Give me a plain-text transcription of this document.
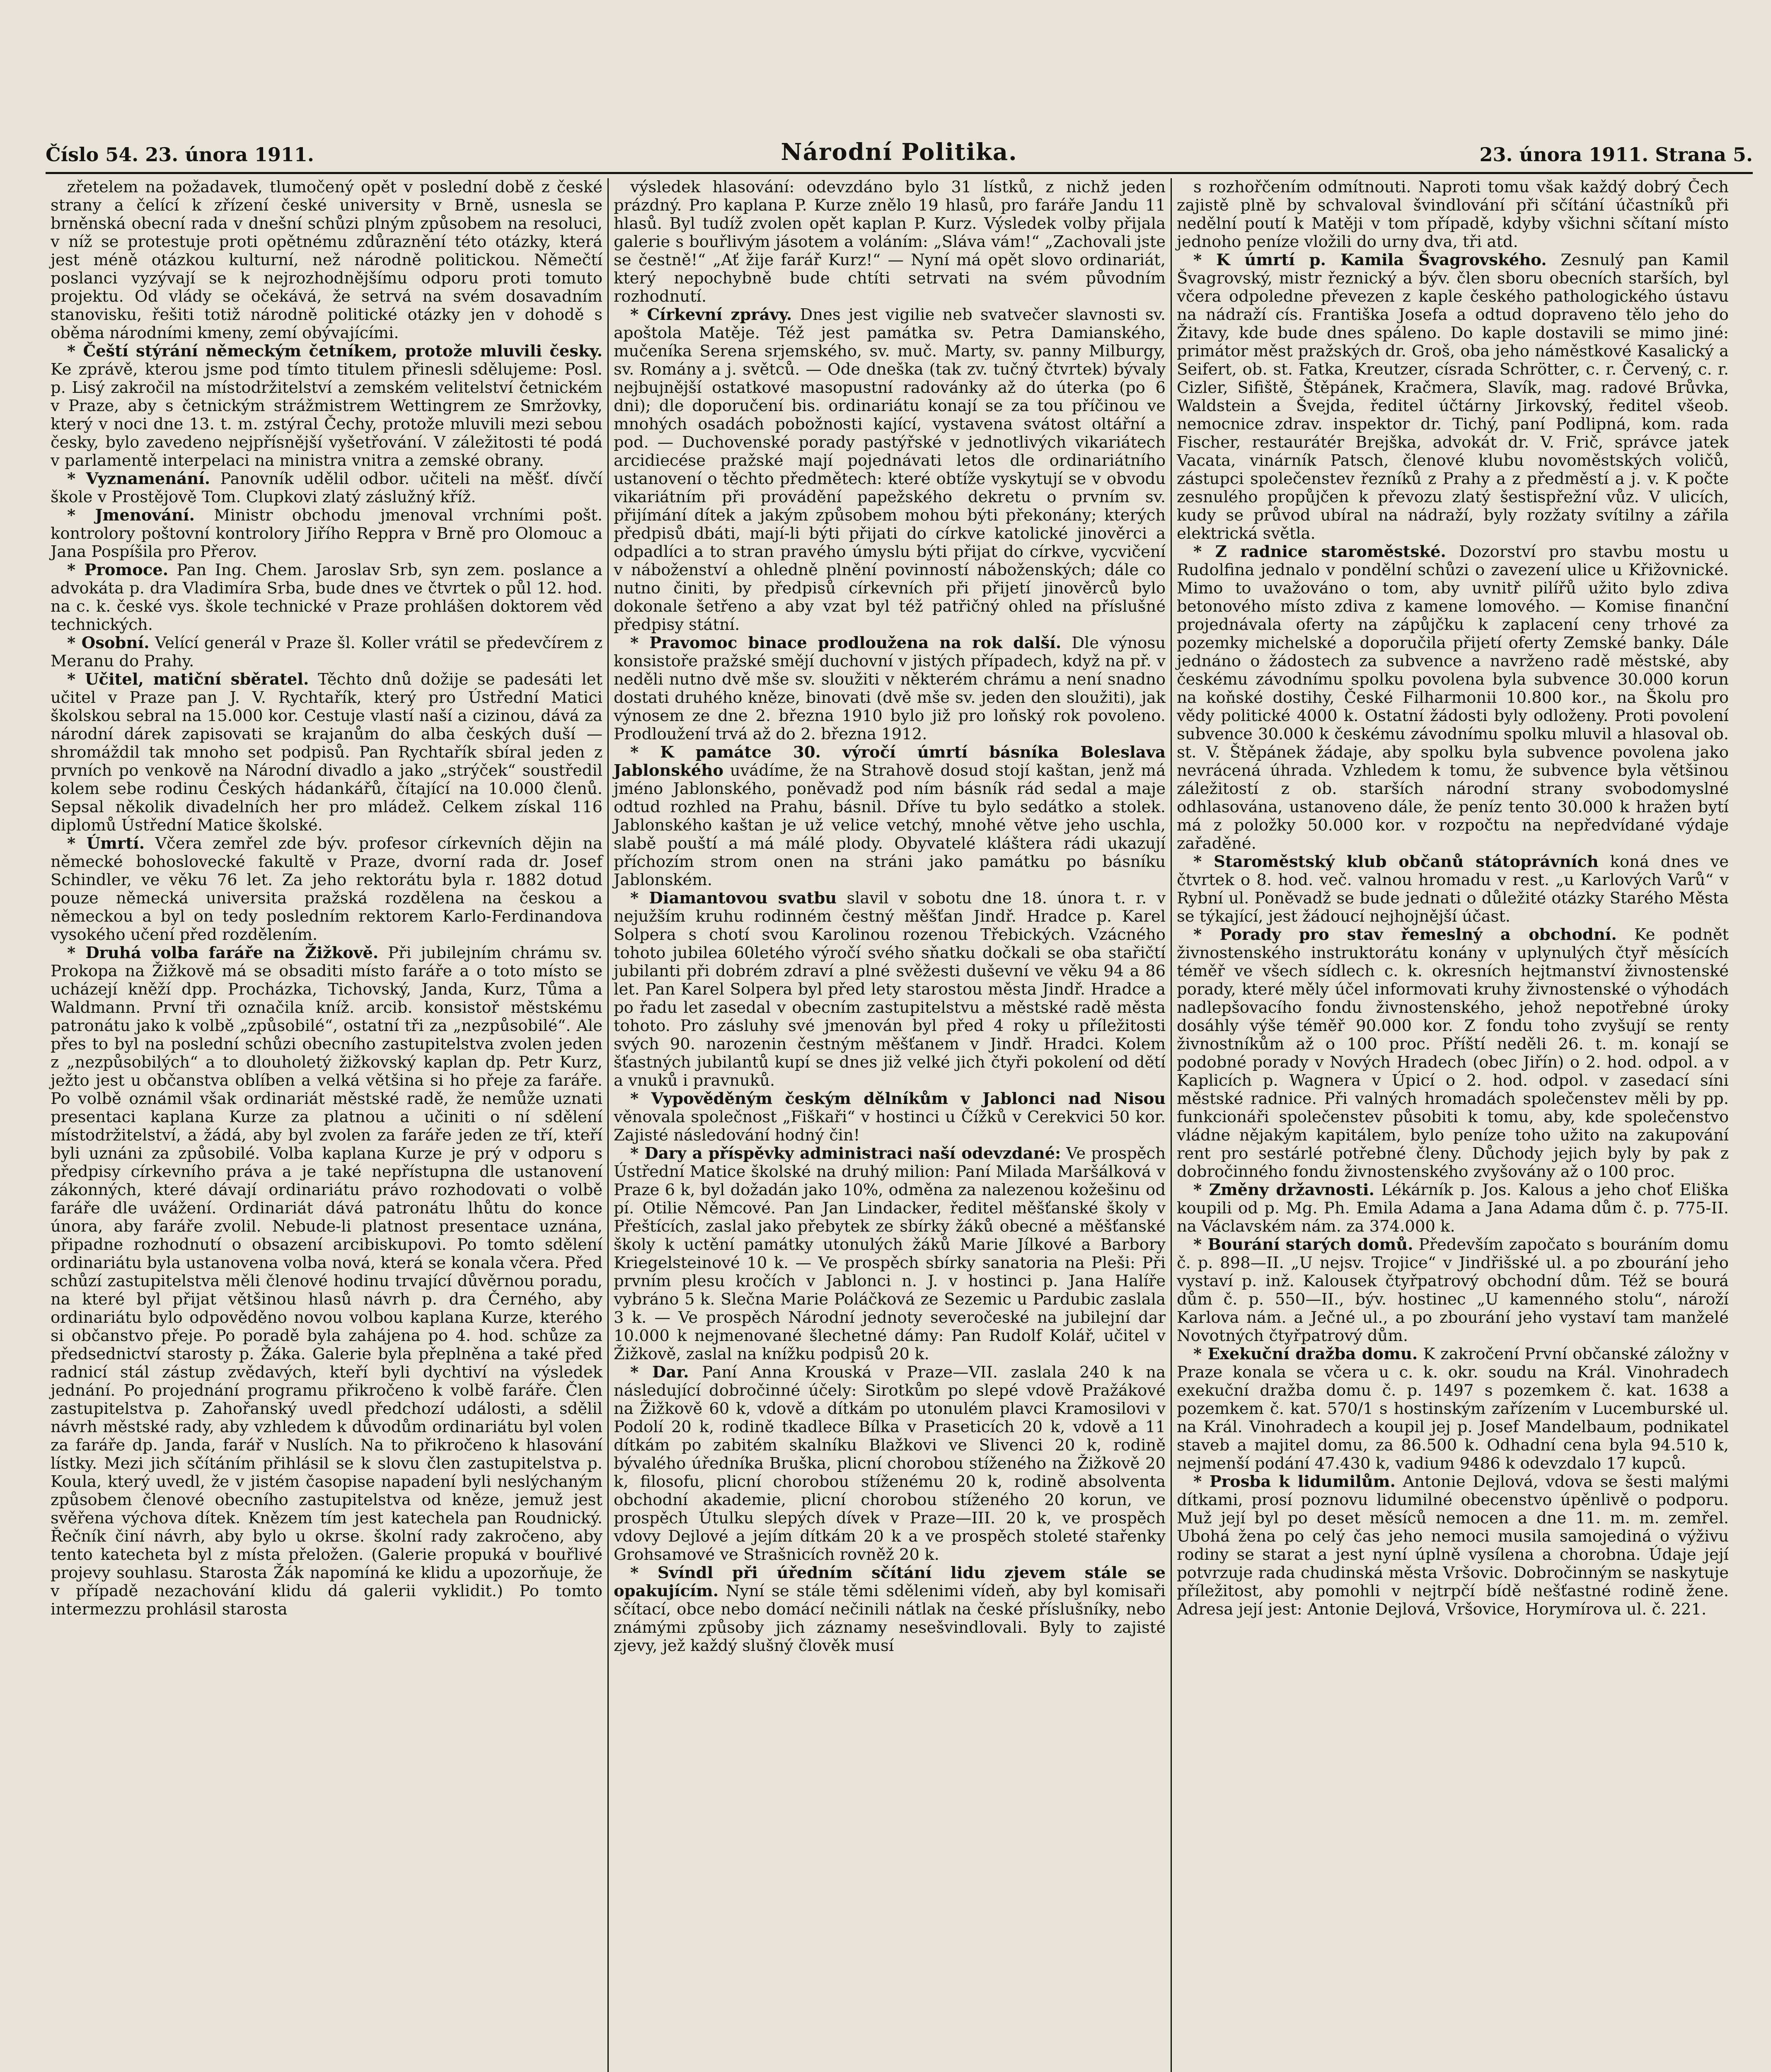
Číslo 54. 23. února 1911.	Národní Politika.	23. února 1911. Strana 5.

zřetelem na požadavek, tlumočený opět v poslední době z české strany a čelící k zřízení české university v Brně, usnesla se brněnská obecní rada v dnešní schůzi plným způsobem na resoluci, v níž se protestuje proti opětnému zdůraznění této otázky, která jest méně otázkou kulturní, než národně politickou. Němečtí poslanci vyzývají se k nejrozhodnějšímu odporu proti tomuto projektu. Od vlády se očekává, že setrvá na svém dosavadním stanovisku, řešiti totiž národně politické otázky jen v dohodě s oběma národními kmeny, zemí obývajícími.

* Čeští stýrání německým četníkem, protože mluvili česky. Ke zprávě, kterou jsme pod tímto titulem přinesli sdělujeme: Posl. p. Lisý zakročil na místodržitelství a zemském velitelství četnickém v Praze, aby s četnickým strážmistrem Wettingrem ze Smržovky, který v noci dne 13. t. m. zstýral Čechy, protože mluvili mezi sebou česky, bylo zavedeno nejpřísnější vyšetřování. V záležitosti té podá v parlamentě interpelaci na ministra vnitra a zemské obrany.

* Vyznamenání. Panovník udělil odbor. učiteli na měšť. dívčí škole v Prostějově Tom. Clupkovi zlatý záslužný kříž.

* Jmenování. Ministr obchodu jmenoval vrchními pošt. kontrolory poštovní kontrolory Jiřího Reppra v Brně pro Olomouc a Jana Pospíšila pro Přerov.

* Promoce. Pan Ing. Chem. Jaroslav Srb, syn zem. poslance a advokáta p. dra Vladimíra Srba, bude dnes ve čtvrtek o půl 12. hod. na c. k. české vys. škole technické v Praze prohlášen doktorem věd technických.

* Osobní. Velící generál v Praze šl. Koller vrátil se předevčírem z Meranu do Prahy.

* Učitel, matiční sběratel. Těchto dnů dožije se padesáti let učitel v Praze pan J. V. Rychtařík, který pro Ústřední Matici školskou sebral na 15.000 kor. Cestuje vlastí naší a cizinou, dává za národní dárek zapisovati se krajanům do alba českých duší — shromáždil tak mnoho set podpisů. Pan Rychtařík sbíral jeden z prvních po venkově na Národní divadlo a jako „strýček“ soustředil kolem sebe rodinu Českých hádankářů, čítající na 10.000 členů. Sepsal několik divadelních her pro mládež. Celkem získal 116 diplomů Ústřední Matice školské.

* Úmrtí. Včera zemřel zde býv. profesor církevních dějin na německé bohoslovecké fakultě v Praze, dvorní rada dr. Josef Schindler, ve věku 76 let. Za jeho rektorátu byla r. 1882 dotud pouze německá universita pražská rozdělena na českou a německou a byl on tedy posledním rektorem Karlo-Ferdinandova vysokého učení před rozdělením.

* Druhá volba faráře na Žižkově. Při jubilejním chrámu sv. Prokopa na Žižkově má se obsaditi místo faráře a o toto místo se ucházejí kněží dpp. Procházka, Tichovský, Janda, Kurz, Tůma a Waldmann. První tři označila kníž. arcib. konsistoř městskému patronátu jako k volbě „způsobilé“, ostatní tři za „nezpůsobilé“. Ale přes to byl na poslední schůzi obecního zastupitelstva zvolen jeden z „nezpůsobilých“ a to dlouholetý žižkovský kaplan dp. Petr Kurz, ježto jest u občanstva oblíben a velká většina si ho přeje za faráře. Po volbě oznámil však ordinariát městské radě, že nemůže uznati presentaci kaplana Kurze za platnou a učiniti o ní sdělení místodržitelství, a žádá, aby byl zvolen za faráře jeden ze tří, kteří byli uznáni za způsobilé. Volba kaplana Kurze je prý v odporu s předpisy církevního práva a je také nepřístupna dle ustanovení zákonných, které dávají ordinariátu právo rozhodovati o volbě faráře dle uvážení. Ordinariát dává patronátu lhůtu do konce února, aby faráře zvolil. Nebude-li platnost presentace uznána, připadne rozhodnutí o obsazení arcibiskupovi. Po tomto sdělení ordinariátu byla ustanovena volba nová, která se konala včera. Před schůzí zastupitelstva měli členové hodinu trvající důvěrnou poradu, na které byl přijat většinou hlasů návrh p. dra Černého, aby ordinariátu bylo odpověděno novou volbou kaplana Kurze, kterého si občanstvo přeje. Po poradě byla zahájena po 4. hod. schůze za předsednictví starosty p. Žáka. Galerie byla přeplněna a také před radnicí stál zástup zvědavých, kteří byli dychtiví na výsledek jednání. Po projednání programu přikročeno k volbě faráře. Člen zastupitelstva p. Zahořanský uvedl předchozí události, a sdělil návrh městské rady, aby vzhledem k důvodům ordinariátu byl volen za faráře dp. Janda, farář v Nuslích. Na to přikročeno k hlasování lístky. Mezi jich sčítáním přihlásil se k slovu člen zastupitelstva p. Koula, který uvedl, že v jistém časopise napadení byli neslýchaným způsobem členové obecního zastupitelstva od kněze, jemuž jest svěřena výchova dítek. Knězem tím jest katechela pan Roudnický. Řečník činí návrh, aby bylo u okrse. školní rady zakročeno, aby tento katecheta byl z místa přeložen. (Galerie propuká v bouřlivé projevy souhlasu. Starosta Žák napomíná ke klidu a upozorňuje, že v případě nezachování klidu dá galerii vyklidit.) Po tomto intermezzu prohlásil starosta

výsledek hlasování: odevzdáno bylo 31 lístků, z nichž jeden prázdný. Pro kaplana P. Kurze znělo 19 hlasů, pro faráře Jandu 11 hlasů. Byl tudíž zvolen opět kaplan P. Kurz. Výsledek volby přijala galerie s bouřlivým jásotem a voláním: „Sláva vám!“ „Zachovali jste se čestně!“ „Ať žije farář Kurz!“ — Nyní má opět slovo ordinariát, který nepochybně bude chtíti setrvati na svém původním rozhodnutí.

* Církevní zprávy. Dnes jest vigilie neb svatvečer slavnosti sv. apoštola Matěje. Též jest památka sv. Petra Damianského, mučeníka Serena srjemského, sv. muč. Marty, sv. panny Milburgy, sv. Romány a j. světců. — Ode dneška (tak zv. tučný čtvrtek) bývaly nejbujnější ostatkové masopustní radovánky až do úterka (po 6 dni); dle doporučení bis. ordinariátu konají se za tou příčinou ve mnohých osadách pobožnosti kající, vystavena svátost oltářní a pod. — Duchovenské porady pastýřské v jednotlivých vikariátech arcidiecése pražské mají pojednávati letos dle ordinariátního ustanovení o těchto předmětech: které obtíže vyskytují se v obvodu vikariátním při provádění papežského dekretu o prvním sv. přijímání dítek a jakým způsobem mohou býti překonány; kterých předpisů dbáti, mají-li býti přijati do církve katolické jinověrci a odpadlíci a to stran pravého úmyslu býti přijat do církve, vycvičení v náboženství a ohledně plnění povinností náboženských; dále co nutno činiti, by předpisů církevních při přijetí jinověrců bylo dokonale šetřeno a aby vzat byl též patřičný ohled na příslušné předpisy státní.

* Pravomoc binace prodloužena na rok další. Dle výnosu konsistoře pražské smějí duchovní v jistých případech, když na př. v neděli nutno dvě mše sv. sloužiti v některém chrámu a není snadno dostati druhého kněze, binovati (dvě mše sv. jeden den sloužiti), jak výnosem ze dne 2. března 1910 bylo již pro loňský rok povoleno. Prodloužení trvá až do 2. března 1912.

* K památce 30. výročí úmrtí básníka Boleslava Jablonského uvádíme, že na Strahově dosud stojí kaštan, jenž má jméno Jablonského, poněvadž pod ním básník rád sedal a maje odtud rozhled na Prahu, básnil. Dříve tu bylo sedátko a stolek. Jablonského kaštan je už velice vetchý, mnohé větve jeho uschla, slabě pouští a má málé plody. Obyvatelé kláštera rádi ukazují příchozím strom onen na stráni jako památku po básníku Jablonském.

* Diamantovou svatbu slavil v sobotu dne 18. února t. r. v nejužším kruhu rodinném čestný měšťan Jindř. Hradce p. Karel Solpera s chotí svou Karolinou rozenou Třebických. Vzácného tohoto jubilea 60letého výročí svého sňatku dočkali se oba stařičtí jubilanti při dobrém zdraví a plné svěžesti duševní ve věku 94 a 86 let. Pan Karel Solpera byl před lety starostou města Jindř. Hradce a po řadu let zasedal v obecním zastupitelstvu a městské radě města tohoto. Pro zásluhy své jmenován byl před 4 roky u příležitosti svých 90. narozenin čestným měšťanem v Jindř. Hradci. Kolem šťastných jubilantů kupí se dnes již velké jich čtyři pokolení od dětí a vnuků i pravnuků.

* Vypověděným českým dělníkům v Jablonci nad Nisou věnovala společnost „Fiškaři“ v hostinci u Čížků v Cerekvici 50 kor. Zajisté následování hodný čin!

* Dary a příspěvky administraci naší odevzdané: Ve prospěch Ústřední Matice školské na druhý milion: Paní Milada Maršálková v Praze 6 k, byl dožadán jako 10%, odměna za nalezenou kožešinu od pí. Otilie Němcové. Pan Jan Lindacker, ředitel měšťanské školy v Přeštících, zaslal jako přebytek ze sbírky žáků obecné a měšťanské školy k uctění památky utonulých žáků Marie Jílkové a Barbory Kriegelsteinové 10 k. — Ve prospěch sbírky sanatoria na Pleši: Při prvním plesu kročích v Jablonci n. J. v hostinci p. Jana Halíře vybráno 5 k. Slečna Marie Poláčková ze Sezemic u Pardubic zaslala 3 k. — Ve prospěch Národní jednoty severočeské na jubilejní dar 10.000 k nejmenované šlechetné dámy: Pan Rudolf Kolář, učitel v Žižkově, zaslal na knížku podpisů 20 k.

* Dar. Paní Anna Krouská v Praze—VII. zaslala 240 k na následující dobročinné účely: Sirotkům po slepé vdově Pražákové na Žižkově 60 k, vdově a dítkám po utonulém plavci Kramosilovi v Podolí 20 k, rodině tkadlece Bílka v Praseticích 20 k, vdově a 11 dítkám po zabitém skalníku Blažkovi ve Slivenci 20 k, rodině bývalého úředníka Bruška, plicní chorobou stíženého na Žižkově 20 k, filosofu, plicní chorobou stíženému 20 k, rodině absolventa obchodní akademie, plicní chorobou stíženého 20 korun, ve prospěch Útulku slepých dívek v Praze—III. 20 k, ve prospěch vdovy Dejlové a jejím dítkám 20 k a ve prospěch stoleté stařenky Grohsamové ve Strašnicích rovněž 20 k.

* Svíndl při úředním sčítání lidu zjevem stále se opakujícím. Nyní se stále těmi sdělenimi vídeň, aby byl komisaři sčítací, obce nebo domácí nečinili nátlak na české příslušníky, nebo známými způsoby jich záznamy nesešvindlovali. Byly to zajisté zjevy, jež každý slušný člověk musí

s rozhořčením odmítnouti. Naproti tomu však každý dobrý Čech zajistě plně by schvaloval švindlování při sčítání účastníků při nedělní poutí k Matěji v tom případě, kdyby všichni sčítaní místo jednoho peníze vložili do urny dva, tři atd.

* K úmrtí p. Kamila Švagrovského. Zesnulý pan Kamil Švagrovský, mistr řeznický a býv. člen sboru obecních starších, byl včera odpoledne převezen z kaple českého pathologického ústavu na nádraží cís. Františka Josefa a odtud dopraveno tělo jeho do Žitavy, kde bude dnes spáleno. Do kaple dostavili se mimo jiné: primátor měst pražských dr. Groš, oba jeho náměstkové Kasalický a Seifert, ob. st. Fatka, Kreutzer, císrada Schrötter, c. r. Červený, c. r. Cizler, Sifiště, Štěpánek, Kračmera, Slavík, mag. radové Brůvka, Waldstein a Švejda, ředitel účtárny Jirkovský, ředitel všeob. nemocnice zdrav. inspektor dr. Tichý, paní Podlipná, kom. rada Fischer, restaurátér Brejška, advokát dr. V. Frič, správce jatek Vacata, vinárník Patsch, členové klubu novoměstských voličů, zástupci společenstev řezníků z Prahy a z předměstí a j. v. K počte zesnulého propůjčen k převozu zlatý šestispřežní vůz. V ulicích, kudy se průvod ubíral na nádraží, byly rozžaty svítilny a zářila elektrická světla.

* Z radnice staroměstské. Dozorství pro stavbu mostu u Rudolfina jednalo v pondělní schůzi o zavezení ulice u Křižovnické. Mimo to uvažováno o tom, aby uvnitř pilířů užito bylo zdiva betonového místo zdiva z kamene lomového. — Komise finanční projednávala oferty na zápůjčku k zaplacení ceny trhové za pozemky michelské a doporučila přijetí oferty Zemské banky. Dále jednáno o žádostech za subvence a navrženo radě městské, aby českému závodnímu spolku povolena byla subvence 30.000 korun na koňské dostihy, České Filharmonii 10.800 kor., na Školu pro vědy politické 4000 k. Ostatní žádosti byly odloženy. Proti povolení subvence 30.000 k českému závodnímu spolku mluvil a hlasoval ob. st. V. Štěpánek žádaje, aby spolku byla subvence povolena jako nevrácená úhrada. Vzhledem k tomu, že subvence byla většinou záležitostí z ob. starších národní strany svobodomyslné odhlasována, ustanoveno dále, že peníz tento 30.000 k hražen bytí má z položky 50.000 kor. v rozpočtu na nepředvídané výdaje zařaděné.

* Staroměstský klub občanů státoprávních koná dnes ve čtvrtek o 8. hod. več. valnou hromadu v rest. „u Karlových Varů“ v Rybní ul. Poněvadž se bude jednati o důležité otázky Starého Města se týkající, jest žádoucí nejhojnější účast.

* Porady pro stav řemeslný a obchodní. Ke podnět živnostenského instruktorátu konány v uplynulých čtyř měsících téměř ve všech sídlech c. k. okresních hejtmanství živnostenské porady, které měly účel informovati kruhy živnostenské o výhodách nadlepšovacího fondu živnostenského, jehož nepotřebné úroky dosáhly výše téměř 90.000 kor. Z fondu toho zvyšují se renty živnostníkům až o 100 proc. Příští neděli 26. t. m. konají se podobné porady v Nových Hradech (obec Jiřín) o 2. hod. odpol. a v Kaplicích p. Wagnera v Úpicí o 2. hod. odpol. v zasedací síni městské radnice. Při valných hromadách společenstev měli by pp. funkcionáři společenstev působiti k tomu, aby, kde společenstvo vládne nějakým kapitálem, bylo peníze toho užito na zakupování rent pro sestárlé potřebné členy. Důchody jejich byly by pak z dobročinného fondu živnostenského zvyšovány až o 100 proc.

* Změny državnosti. Lékárník p. Jos. Kalous a jeho choť Eliška koupili od p. Mg. Ph. Emila Adama a Jana Adama dům č. p. 775-II. na Václavském nám. za 374.000 k.

* Bourání starých domů. Především započato s bouráním domu č. p. 898—II. „U nejsv. Trojice“ v Jindřišské ul. a po zbourání jeho vystaví p. inž. Kalousek čtyřpatrový obchodní dům. Též se bourá dům č. p. 550—II., býv. hostinec „U kamenného stolu“, nároží Karlova nám. a Ječné ul., a po zbourání jeho vystaví tam manželé Novotných čtyřpatrový dům.

* Exekuční dražba domu. K zakročení První občanské záložny v Praze konala se včera u c. k. okr. soudu na Král. Vinohradech exekuční dražba domu č. p. 1497 s pozemkem č. kat. 1638 a pozemkem č. kat. 570/1 s hostinským zařízením v Lucemburské ul. na Král. Vinohradech a koupil jej p. Josef Mandelbaum, podnikatel staveb a majitel domu, za 86.500 k. Odhadní cena byla 94.510 k, nejmenší podání 47.430 k, vadium 9486 k odevzdalo 17 kupců.

* Prosba k lidumilům. Antonie Dejlová, vdova se šesti malými dítkami, prosí poznovu lidumilné obecenstvo úpěnlivě o podporu. Muž její byl po deset měsíců nemocen a dne 11. m. m. zemřel. Ubohá žena po celý čas jeho nemoci musila samojediná o výživu rodiny se starat a jest nyní úplně vysílena a chorobna. Údaje její potvrzuje rada chudinská města Vršovic. Dobročinným se naskytuje příležitost, aby pomohli v nejtrpčí bídě nešťastné rodině žene. Adresa její jest: Antonie Dejlová, Vršovice, Horymírova ul. č. 221.
